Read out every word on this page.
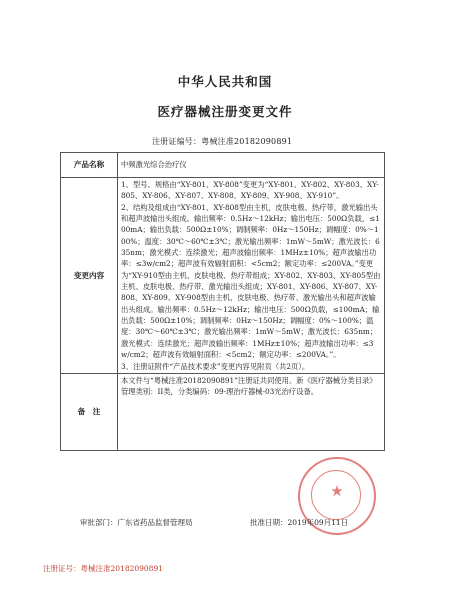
中华人民共和国
医疗器械注册变更文件
注册证编号：粤械注准20182090891
产品名称	中频激光综合治疗仪
变更内容	1、型号、规格由“XY-801、XY-808”变更为“XY-801、XY-802、XY-803、XY-805、XY-806、XY-807、XY-808、XY-809、XY-908、XY-910”。
2、结构及组成由“XY-801、XY-808型由主机，皮肤电极、热疗带，激光输出头和超声波输出头组成。输出频率：0.5Hz～12kHz；输出电压：500Ω负载，≤100mA；输出负载：500Ω±10%；调制频率：0Hz～150Hz；调幅度：0%～100%；温度：30℃～60℃±3℃；激光输出频率：1mW～5mW；激光波长：635nm；激光模式：连续激光；超声波输出频率：1MHz±10%；超声波输出功率：≤3w/cm2；超声波有效辐射面积：<5cm2；额定功率：≤200VA。”变更为“XY-910型由主机、皮肤电极、热疗带组成；XY-802、XY-803、XY-805型由主机、皮肤电极、热疗带、激光输出头组成；XY-801、XY-806、XY-807、XY-808、XY-809、XY-908型由主机、皮肤电极、热疗带、激光输出头和超声波输出头组成。输出频率：0.5Hz～12kHz；输出电压：500Ω负载，≤100mA；输出负载：500Ω±10%；调制频率：0Hz～150Hz；调幅度：0%～100%；温度：30℃～60℃±3℃；激光输出频率：1mW～5mW；激光波长：635nm；激光模式：连续激光；超声波输出频率：1MHz±10%；超声波输出功率：≤3w/cm2；超声波有效辐射面积：<5cm2；额定功率：≤200VA。”。
3、注册证附件“产品技术要求”变更内容见附页（共2页）。

备　注	本文件与“粤械注准20182090891”注册证共同使用。新《医疗器械分类目录》管理类别：II类，分类编码：09-理治疗器械-03光治疗设备。
★
审批部门：广东省药品监督管理局	批准日期：2019年09月11日
注册证号：粤械注准20182090891
